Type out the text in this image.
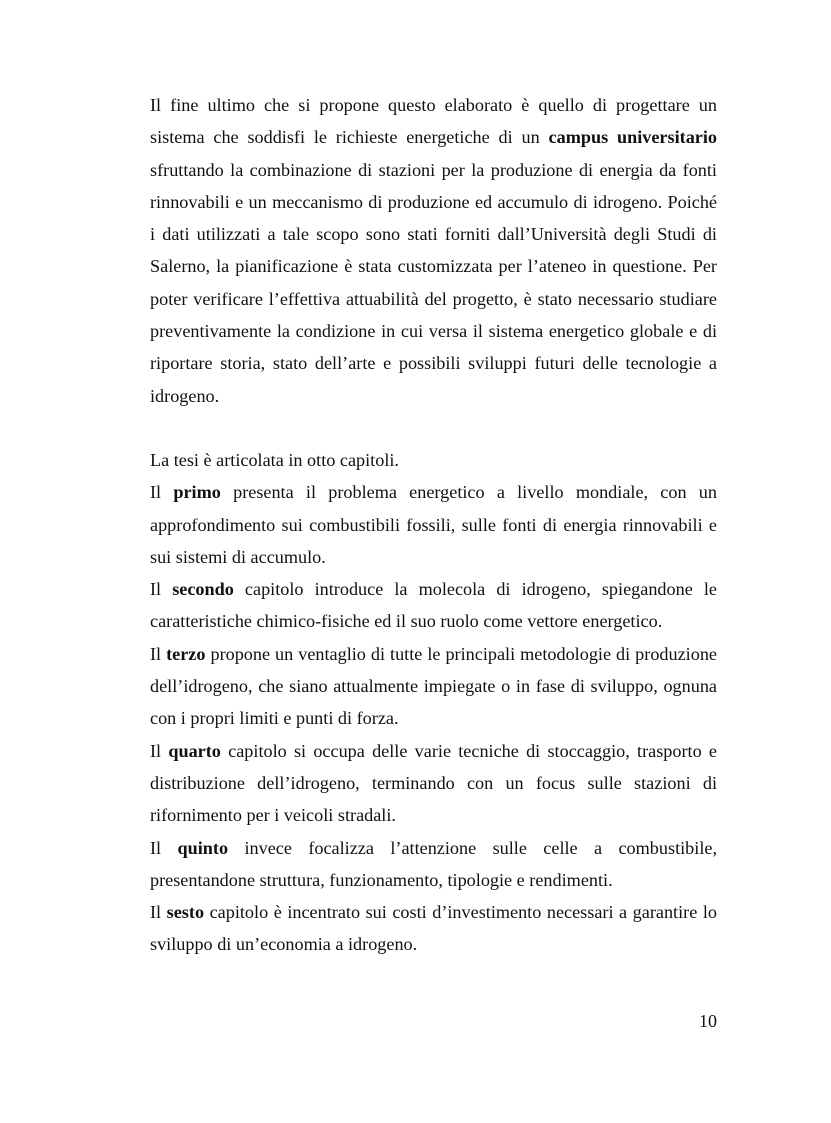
Il fine ultimo che si propone questo elaborato è quello di progettare un sistema che soddisfi le richieste energetiche di un campus universitario sfruttando la combinazione di stazioni per la produzione di energia da fonti rinnovabili e un meccanismo di produzione ed accumulo di idrogeno. Poiché i dati utilizzati a tale scopo sono stati forniti dall’Università degli Studi di Salerno, la pianificazione è stata customizzata per l’ateneo in questione. Per poter verificare l’effettiva attuabilità del progetto, è stato necessario studiare preventivamente la condizione in cui versa il sistema energetico globale e di riportare storia, stato dell’arte e possibili sviluppi futuri delle tecnologie a idrogeno.

La tesi è articolata in otto capitoli.

Il primo presenta il problema energetico a livello mondiale, con un approfondimento sui combustibili fossili, sulle fonti di energia rinnovabili e sui sistemi di accumulo.

Il secondo capitolo introduce la molecola di idrogeno, spiegandone le caratteristiche chimico-fisiche ed il suo ruolo come vettore energetico.

Il terzo propone un ventaglio di tutte le principali metodologie di produzione dell’idrogeno, che siano attualmente impiegate o in fase di sviluppo, ognuna con i propri limiti e punti di forza.

Il quarto capitolo si occupa delle varie tecniche di stoccaggio, trasporto e distribuzione dell’idrogeno, terminando con un focus sulle stazioni di rifornimento per i veicoli stradali.

Il quinto invece focalizza l’attenzione sulle celle a combustibile, presentandone struttura, funzionamento, tipologie e rendimenti.

Il sesto capitolo è incentrato sui costi d’investimento necessari a garantire lo sviluppo di un’economia a idrogeno.

10
